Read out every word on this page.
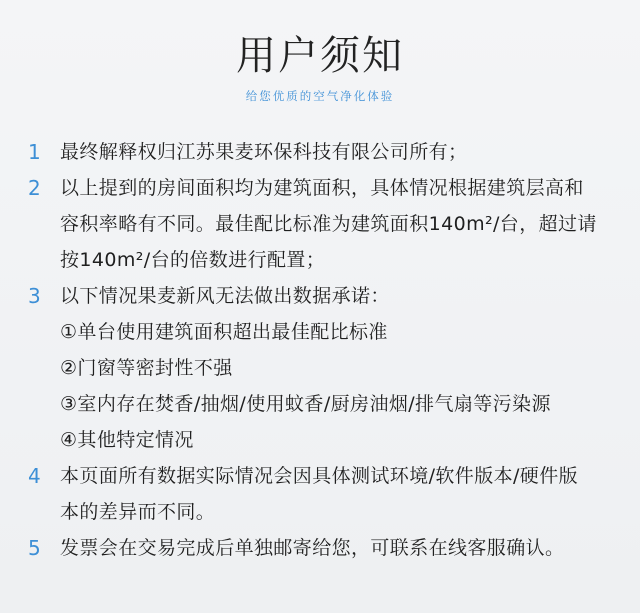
用户须知
给您优质的空气净化体验
1	最终解释权归江苏果麦环保科技有限公司所有；
2	以上提到的房间面积均为建筑面积，具体情况根据建筑层高和
容积率略有不同。最佳配比标准为建筑面积140m²/台，超过请
按140m²/台的倍数进行配置；
3	以下情况果麦新风无法做出数据承诺：
①单台使用建筑面积超出最佳配比标准
②门窗等密封性不强
③室内存在焚香/抽烟/使用蚊香/厨房油烟/排气扇等污染源
④其他特定情况
4	本页面所有数据实际情况会因具体测试环境/软件版本/硬件版
本的差异而不同。
5	发票会在交易完成后单独邮寄给您，可联系在线客服确认。
